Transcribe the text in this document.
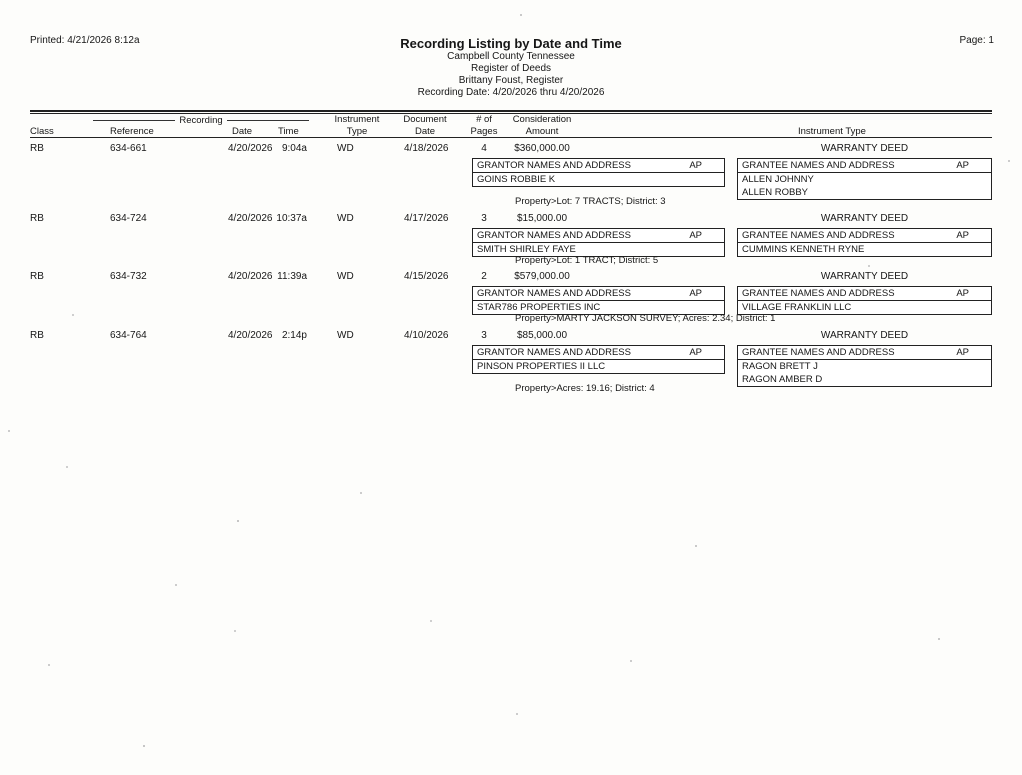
Printed: 4/21/2026 8:12a	Page: 1
Recording Listing by Date and Time
Campbell County Tennessee
Register of Deeds
Brittany Foust, Register
Recording Date: 4/20/2026 thru 4/20/2026
Recording	Instrument	Document	# of	Consideration
Class	Reference	Date	Time	Type	Date	Pages	Amount	Instrument Type
RB	634-661	4/20/2026 9:04a	WD	4/18/2026	4	$360,000.00	WARRANTY DEED
GRANTOR NAMES AND ADDRESS	AP
GOINS ROBBIE K
GRANTEE NAMES AND ADDRESS	AP
ALLEN JOHNNY
ALLEN ROBBY
Property>Lot: 7 TRACTS; District: 3
RB	634-724	4/20/2026 10:37a	WD	4/17/2026	3	$15,000.00	WARRANTY DEED
GRANTOR NAMES AND ADDRESS	AP
SMITH SHIRLEY FAYE
GRANTEE NAMES AND ADDRESS	AP
CUMMINS KENNETH RYNE
Property>Lot: 1 TRACT; District: 5
RB	634-732	4/20/2026 11:39a	WD	4/15/2026	2	$579,000.00	WARRANTY DEED
GRANTOR NAMES AND ADDRESS	AP
STAR786 PROPERTIES INC
GRANTEE NAMES AND ADDRESS	AP
VILLAGE FRANKLIN LLC
Property>MARTY JACKSON SURVEY; Acres: 2.34; District: 1
RB	634-764	4/20/2026 2:14p	WD	4/10/2026	3	$85,000.00	WARRANTY DEED
GRANTOR NAMES AND ADDRESS	AP
PINSON PROPERTIES II LLC
GRANTEE NAMES AND ADDRESS	AP
RAGON BRETT J
RAGON AMBER D
Property>Acres: 19.16; District: 4
